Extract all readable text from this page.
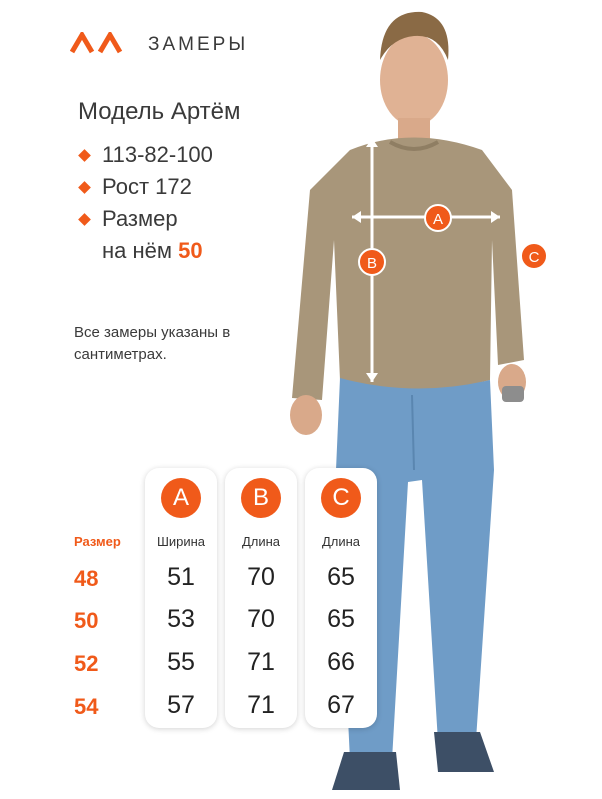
ЗАМЕРЫ
Модель Артём
113-82-100
Рост 172
Размер
на нём 50
Все замеры указаны в сантиметрах.
A
B	C
Размер
A	B	C
Ширина	Длина	Длина
48	51	70	65
50	53	70	65
52	55	71	66
54	57	71	67
